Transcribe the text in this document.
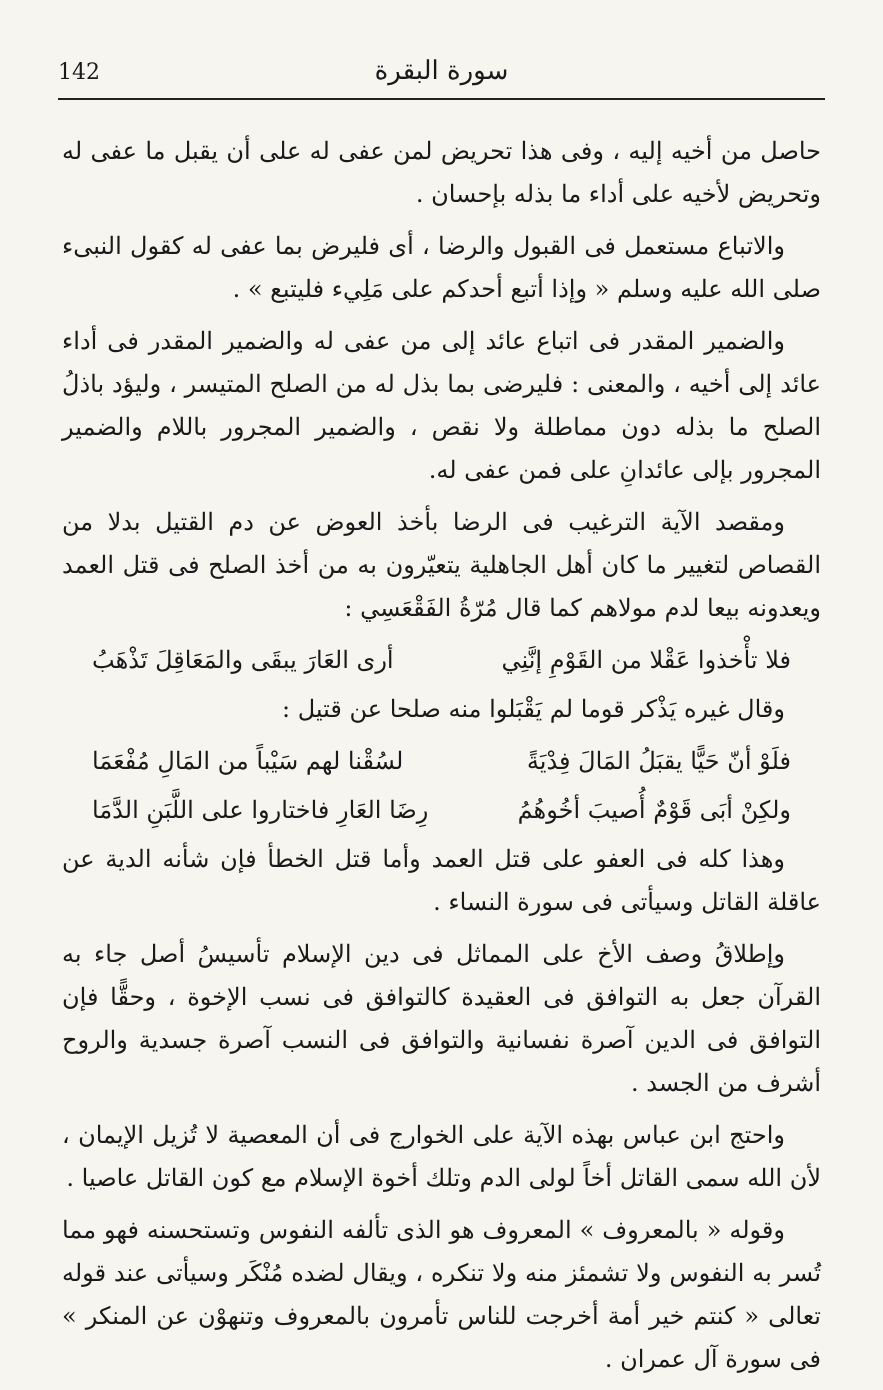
142	سورة البقرة

حاصل من أخيه إليه ، وفى هذا تحريض لمن عفى له على أن يقبل ما عفى له وتحريض لأخيه على أداء ما بذله بإحسان .

والاتباع مستعمل فى القبول والرضا ، أى فليرض بما عفى له كقول النبىء صلى الله عليه وسلم « وإذا أتبع أحدكم على مَلِيء فليتبع » .

والضمير المقدر فى اتباع عائد إلى من عفى له والضمير المقدر فى أداء عائد إلى أخيه ، والمعنى : فليرضى بما بذل له من الصلح المتيسر ، وليؤد باذلُ الصلح ما بذله دون مماطلة ولا نقص ، والضمير المجرور باللام والضمير المجرور بإلى عائدانِ على فمن عفى له.

ومقصد الآية الترغيب فى الرضا بأخذ العوض عن دم القتيل بدلا من القصاص لتغيير ما كان أهل الجاهلية يتعيّرون به من أخذ الصلح فى قتل العمد ويعدونه بيعا لدم مولاهم كما قال مُرّةُ الفَقْعَسِي :

فلا تأْخذوا عَقْلا من القَوْمِ إنَّنِي
أرى العَارَ يبقَى والمَعَاقِلَ تَذْهَبُ

وقال غيره يَذْكر قوما لم يَقْبَلوا منه صلحا عن قتيل :

فلَوْ أنّ حَيًّا يقبَلُ المَالَ فِدْيَةً
لسُقْنا لهم سَيْباً من المَالِ مُفْعَمَا
ولكِنْ أبَى قَوْمٌ أُصيبَ أخُوهُمُ
رِضَا العَارِ فاختاروا على اللَّبَنِ الدَّمَا

وهذا كله فى العفو على قتل العمد وأما قتل الخطأ فإن شأنه الدية عن عاقلة القاتل وسيأتى فى سورة النساء .

وإطلاقُ وصف الأخ على المماثل فى دين الإسلام تأسيسُ أصل جاء به القرآن جعل به التوافق فى العقيدة كالتوافق فى نسب الإخوة ، وحقًّا فإن التوافق فى الدين آصرة نفسانية والتوافق فى النسب آصرة جسدية والروح أشرف من الجسد .

واحتج ابن عباس بهذه الآية على الخوارج فى أن المعصية لا تُزيل الإيمان ، لأن الله سمى القاتل أخاً لولى الدم وتلك أخوة الإسلام مع كون القاتل عاصيا .

وقوله « بالمعروف » المعروف هو الذى تألفه النفوس وتستحسنه فهو مما تُسر به النفوس ولا تشمئز منه ولا تنكره ، ويقال لضده مُنْكَر وسيأتى عند قوله تعالى « كنتم خير أمة أخرجت للناس تأمرون بالمعروف وتنهوْن عن المنكر » فى سورة آل عمران .
